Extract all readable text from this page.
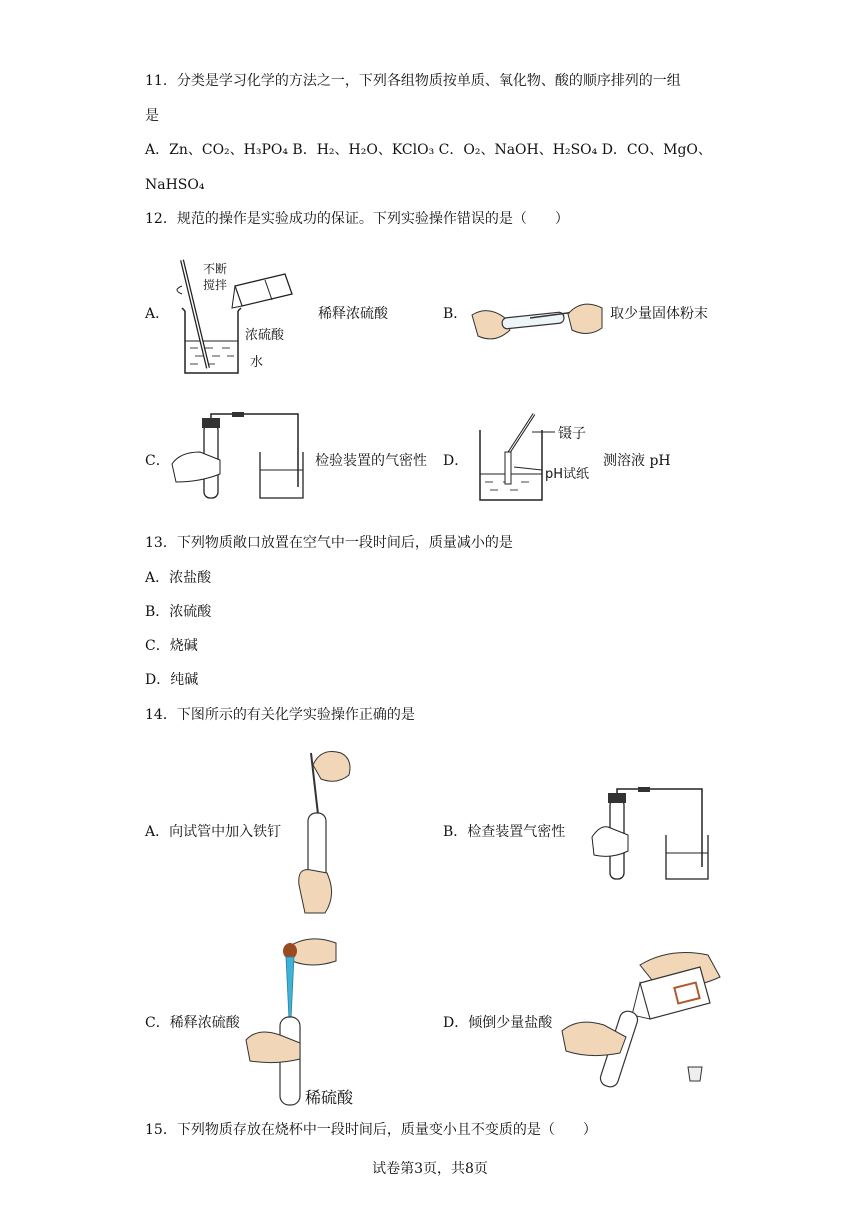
11．分类是学习化学的方法之一，下列各组物质按单质、氧化物、酸的顺序排列的一组
是
A．Zn、CO₂、H₃PO₄ B．H₂、H₂O、KClO₃ C．O₂、NaOH、H₂SO₄ D．CO、MgO、
NaHSO₄
12．规范的操作是实验成功的保证。下列实验操作错误的是（　　）
A．
不断
搅拌
浓硫酸
水
稀释浓硫酸	B．	取少量固体粉末
C．	检验装置的气密性 D．
镊子
pH试纸
测溶液 pH
13．下列物质敞口放置在空气中一段时间后，质量减小的是
A．浓盐酸
B．浓硫酸
C．烧碱
D．纯碱
14．下图所示的有关化学实验操作正确的是
A．向试管中加入铁钉	B．检查装置气密性
C．稀释浓硫酸
稀硫酸
D．倾倒少量盐酸
15．下列物质存放在烧杯中一段时间后，质量变小且不变质的是（　　）
试卷第3页，共8页
